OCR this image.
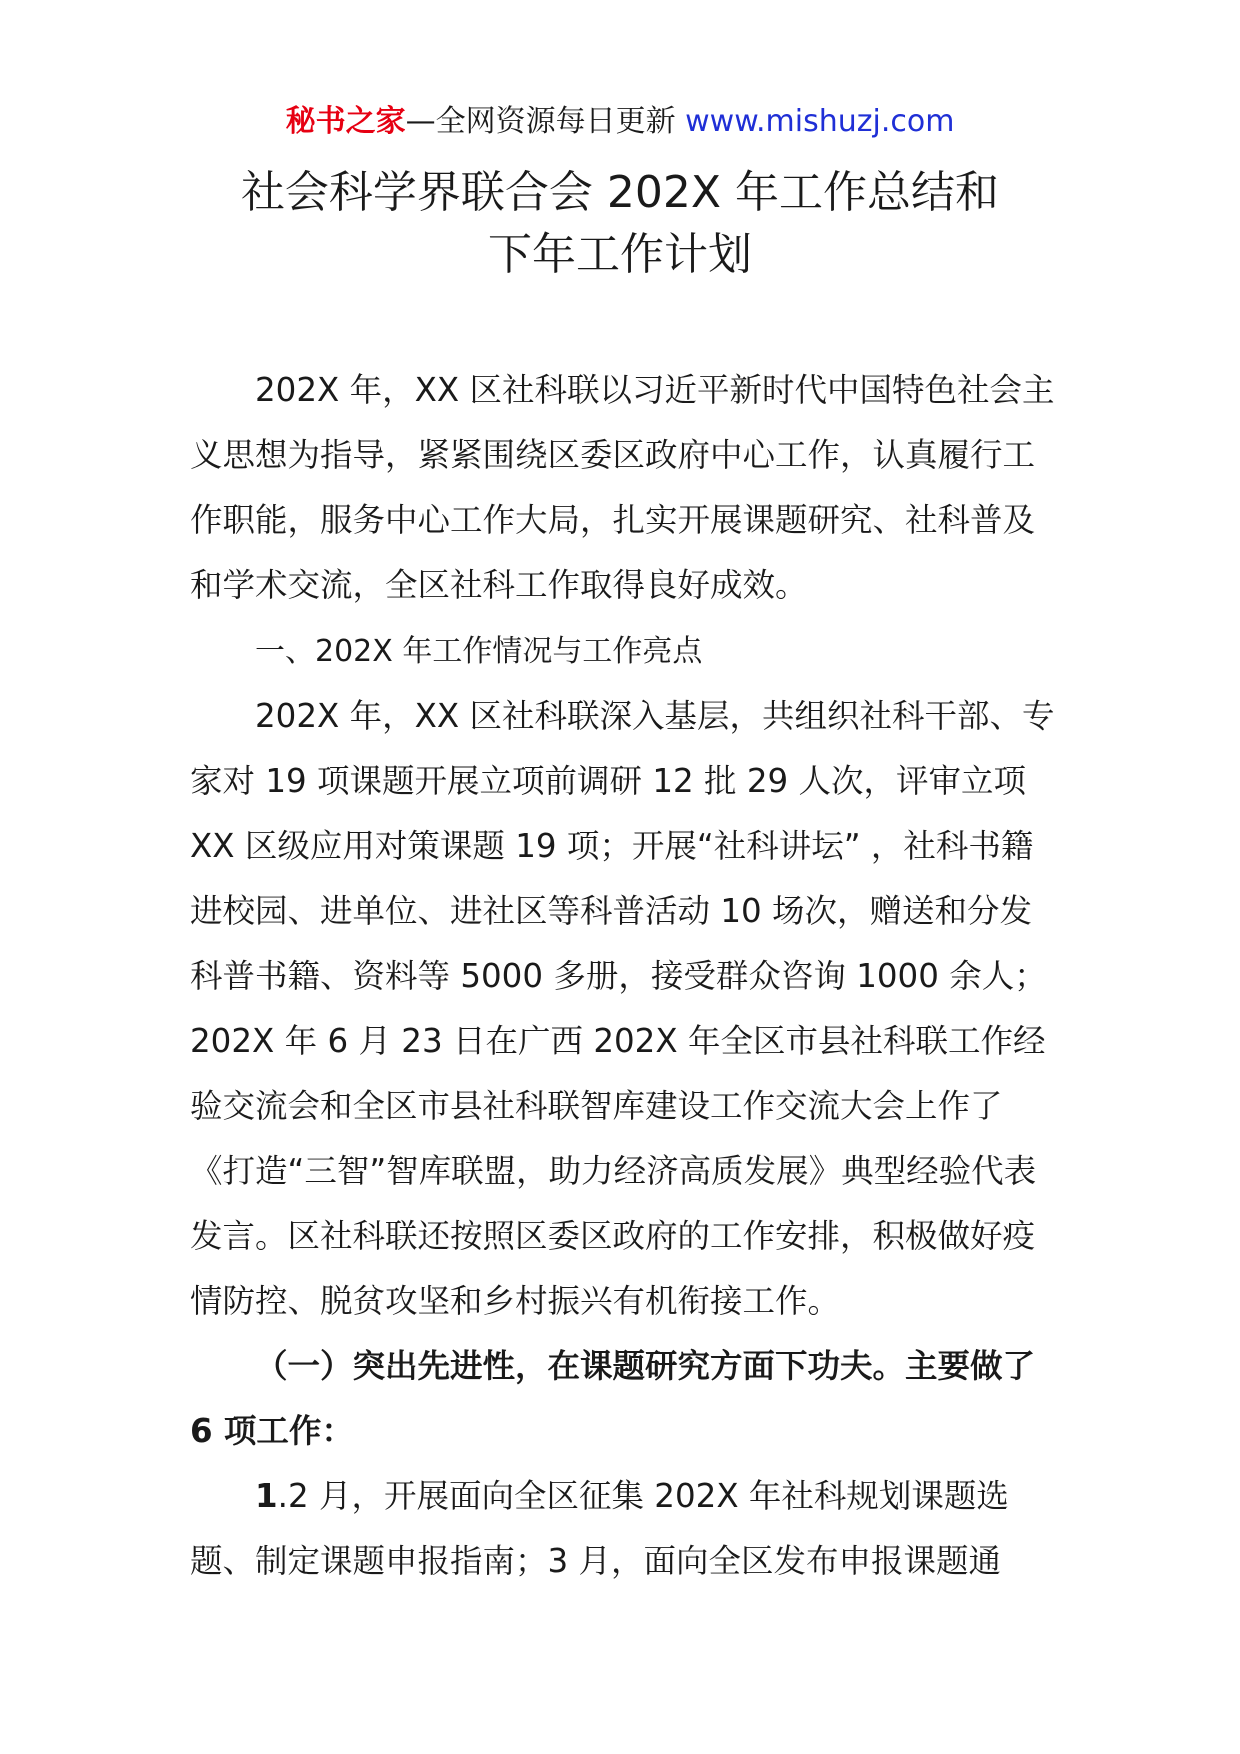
秘书之家—全网资源每日更新 www.mishuzj.com
社会科学界联合会 202X 年工作总结和
下年工作计划

202X 年，XX 区社科联以习近平新时代中国特色社会主义思想为指导，紧紧围绕区委区政府中心工作，认真履行工作职能，服务中心工作大局，扎实开展课题研究、社科普及和学术交流，全区社科工作取得良好成效。

一、202X 年工作情况与工作亮点

202X 年，XX 区社科联深入基层，共组织社科干部、专家对 19 项课题开展立项前调研 12 批 29 人次，评审立项 XX 区级应用对策课题 19 项；开展“社科讲坛” ，社科书籍进校园、进单位、进社区等科普活动 10 场次，赠送和分发科普书籍、资料等 5000 多册，接受群众咨询 1000 余人；202X 年 6 月 23 日在广西 202X 年全区市县社科联工作经验交流会和全区市县社科联智库建设工作交流大会上作了《打造“三智”智库联盟，助力经济高质发展》典型经验代表发言。区社科联还按照区委区政府的工作安排，积极做好疫情防控、脱贫攻坚和乡村振兴有机衔接工作。

（一）突出先进性，在课题研究方面下功夫。主要做了 6 项工作：

1.2 月，开展面向全区征集 202X 年社科规划课题选题、制定课题申报指南；3 月，面向全区发布申报课题通
